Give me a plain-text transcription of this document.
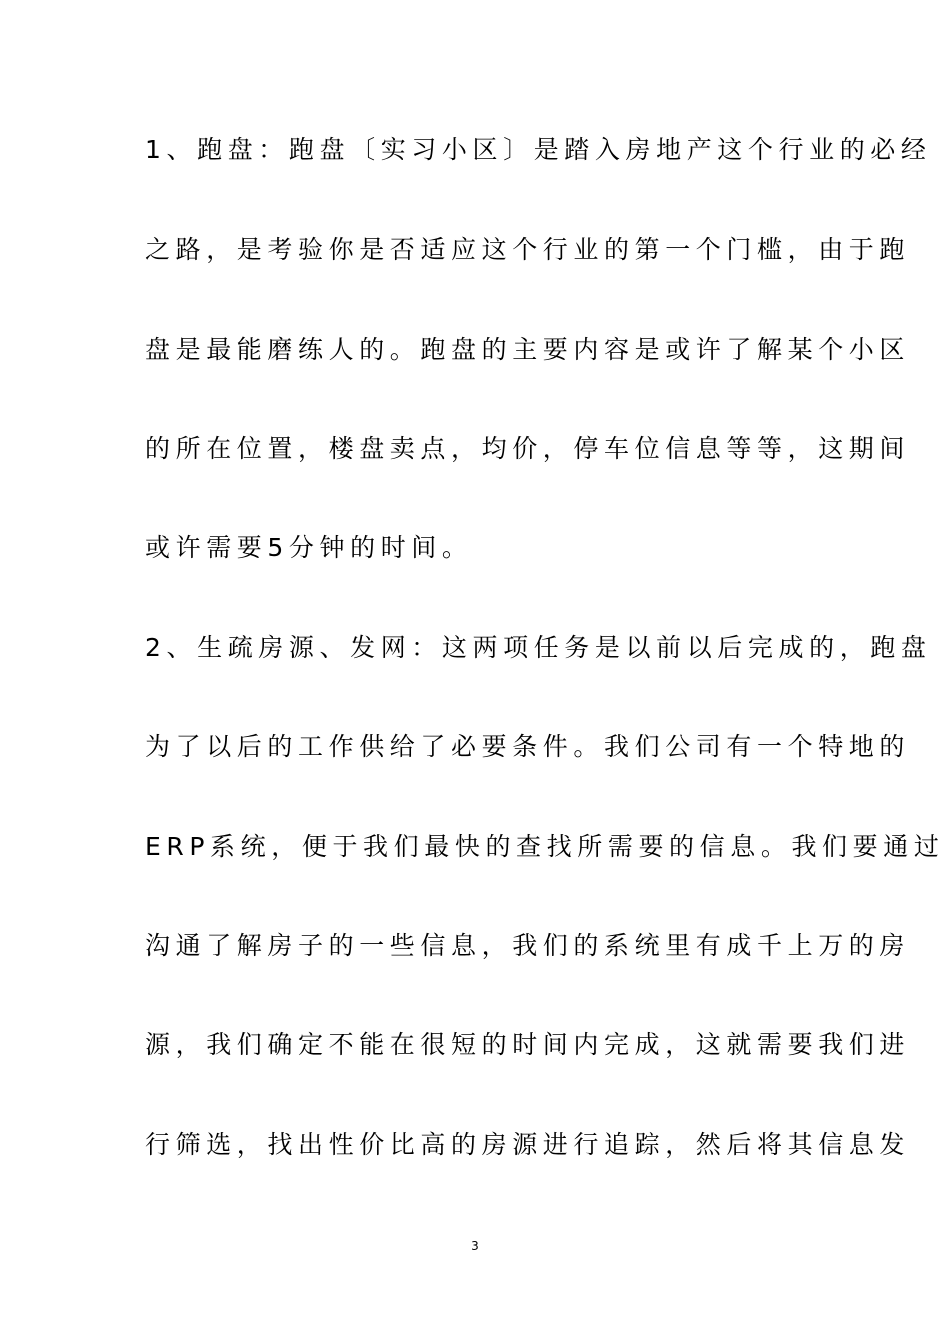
1、跑盘：跑盘〔实习小区〕是踏入房地产这个行业的必经
之路，是考验你是否适应这个行业的第一个门槛，由于跑
盘是最能磨练人的。跑盘的主要内容是或许了解某个小区
的所在位置，楼盘卖点，均价，停车位信息等等，这期间
或许需要5分钟的时间。
2、生疏房源、发网：这两项任务是以前以后完成的，跑盘
为了以后的工作供给了必要条件。我们公司有一个特地的
ERP系统，便于我们最快的查找所需要的信息。我们要通过
沟通了解房子的一些信息，我们的系统里有成千上万的房
源，我们确定不能在很短的时间内完成，这就需要我们进
行筛选，找出性价比高的房源进行追踪，然后将其信息发
3
